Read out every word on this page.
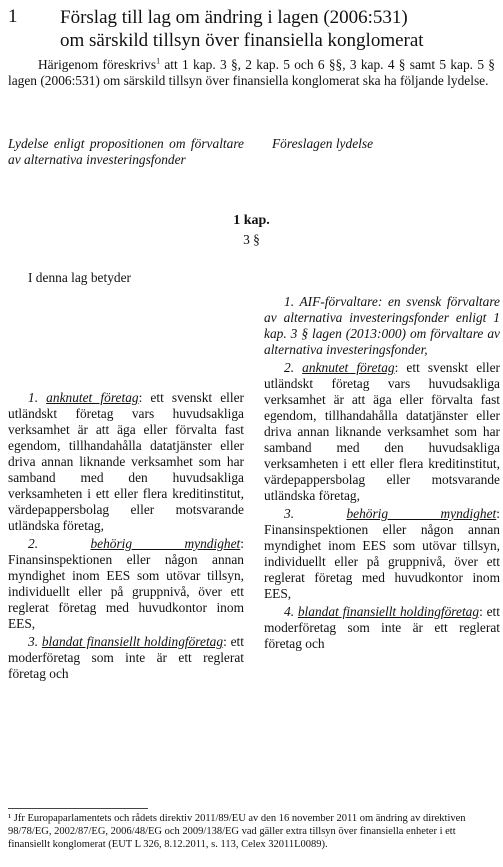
1 Förslag till lag om ändring i lagen (2006:531)
om särskild tillsyn över finansiella konglomerat
Härigenom föreskrivs$^1$ att 1 kap. 3 §, 2 kap. 5 och 6 §§, 3 kap. 4 § samt 5 kap. 5 § lagen (2006:531) om särskild tillsyn över finansiella konglomerat ska ha följande lydelse.
Lydelse enligt propositionen om förvaltare av alternativa investeringsfonder
Föreslagen lydelse
1 kap.
3 §

I denna lag betyder

1. anknutet företag: ett svenskt eller utländskt företag vars huvudsakliga verksamhet är att äga eller förvalta fast egendom, tillhandahålla datatjänster eller driva annan liknande verksamhet som har samband med den huvudsakliga verksamheten i ett eller flera kreditinstitut, värdepappersbolag eller motsvarande utländska företag,

2. behörig myndighet: Finansinspektionen eller någon annan myndighet inom EES som utövar tillsyn, individuellt eller på gruppnivå, över ett reglerat företag med huvudkontor inom EES,

3. blandat finansiellt holdingföretag: ett moderföretag som inte är ett reglerat företag och

1. AIF-förvaltare: en svensk förvaltare av alternativa investeringsfonder enligt 1 kap. 3 § lagen (2013:000) om förvaltare av alternativa investeringsfonder,

2. anknutet företag: ett svenskt eller utländskt företag vars huvudsakliga verksamhet är att äga eller förvalta fast egendom, tillhandahålla datatjänster eller driva annan liknande verksamhet som har samband med den huvudsakliga verksamheten i ett eller flera kreditinstitut, värdepappersbolag eller motsvarande utländska företag,

3. behörig myndighet: Finansinspektionen eller någon annan myndighet inom EES som utövar tillsyn, individuellt eller på gruppnivå, över ett reglerat företag med huvudkontor inom EES,

4. blandat finansiellt holdingföretag: ett moderföretag som inte är ett reglerat företag och

¹ Jfr Europaparlamentets och rådets direktiv 2011/89/EU av den 16 november 2011 om ändring av direktiven 98/78/EG, 2002/87/EG, 2006/48/EG och 2009/138/EG vad gäller extra tillsyn över finansiella enheter i ett finansiellt konglomerat (EUT L 326, 8.12.2011, s. 113, Celex 32011L0089).
